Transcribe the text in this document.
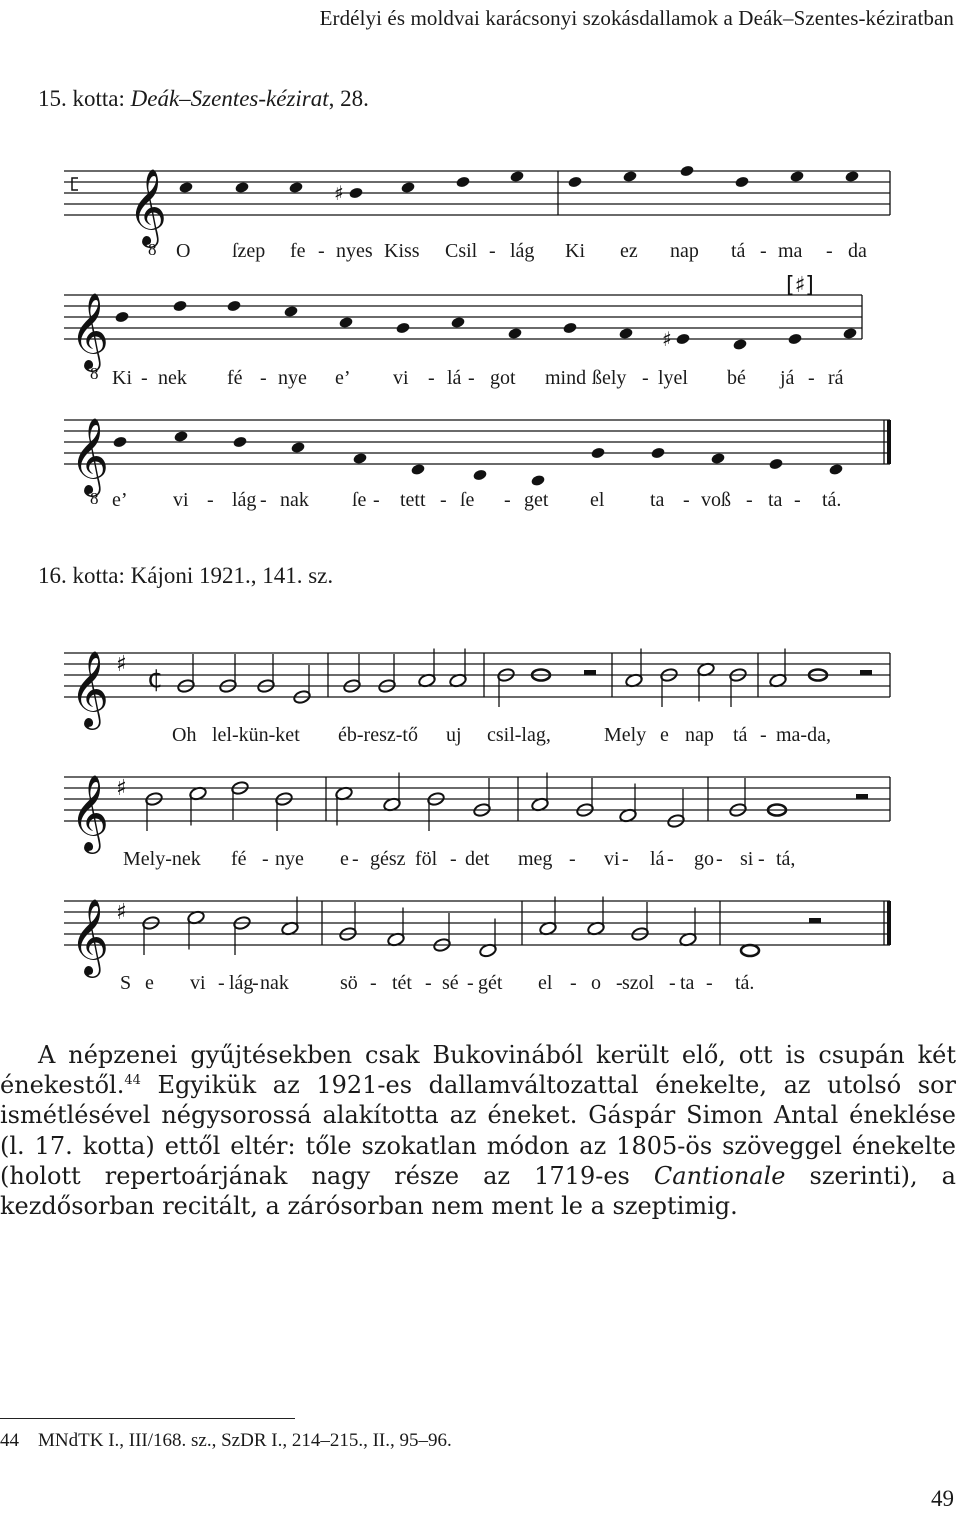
Erdélyi és moldvai karácsonyi szokásdallamok a Deák–Szentes-kéziratban
15. kotta: Deák–Szentes-kézirat, 28.
𝄞
8
𝄞
8
𝄞
8
𝄞 ♯
𝄞 ♯
𝄞 ♯
¢
[♯]
♯
♯
O ſzep fe - nyes Kiss Csil - lág Ki ez nap tá - ma - da
Ki - nek fé - nye e’ vi - lá - got mind ßely - lyel bé já - rá
e’ vi - lág - nak ſe - tett - ſe - get el ta - voß - ta - tá.
16. kotta: Kájoni 1921., 141. sz.
Oh lel-kün-ket éb-resz-tő uj csil-lag,	Mely e nap tá - ma-da,
Mely-nek fé - nye e - gész föl - det meg - vi - lá - go - si - tá,
S e vi - lág
- nak	sö - tét - sé - gét el - o - szol - ta - tá.

A népzenei gyűjtésekben csak Bukovinából került elő, ott is csupán két énekestől.$^{44}$ Egyikük az 1921-es dallamváltozattal énekelte, az utolsó sor ismétlésével négysorossá alakította az éneket. Gáspár Simon Antal éneklése (l. 17. kotta) ettől eltér: tőle szokatlan módon az 1805-ös szöveggel énekelte (holott repertoárjának nagy része az 1719-es Cantionale szerinti), a kezdősorban recitált, a zárósorban nem ment le a szeptimig.

44 MNdTK I., III/168. sz., SzDR I., 214–215., II., 95–96.
49
